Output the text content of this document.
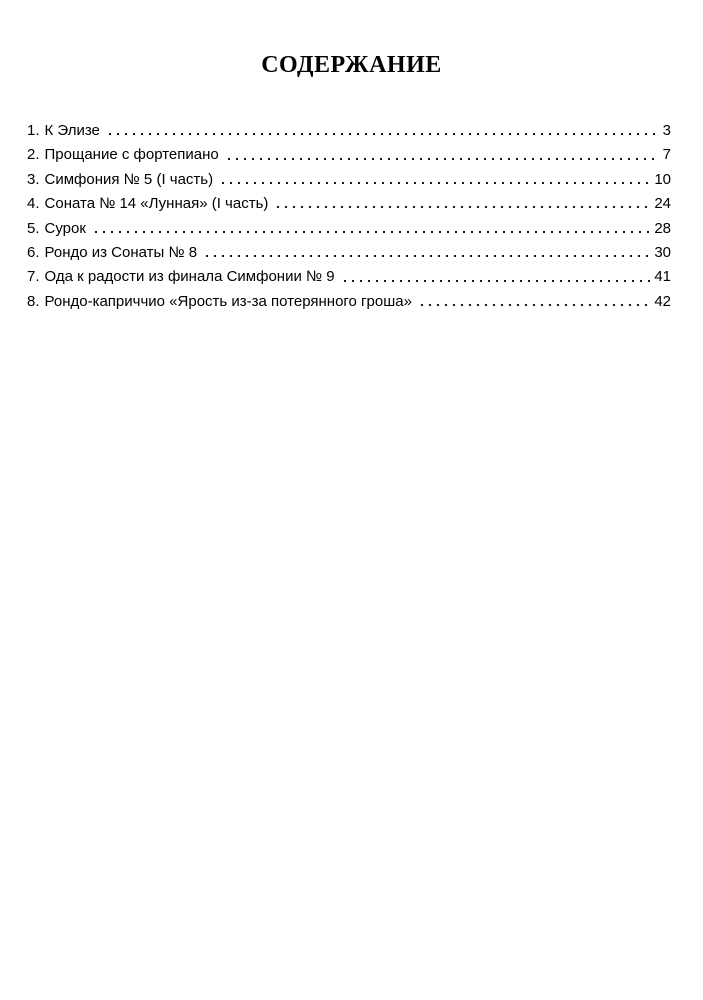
СОДЕРЖАНИЕ
1. К Элизе	3
2. Прощание с фортепиано	7
3. Симфония № 5 (I часть)	10
4. Соната № 14 «Лунная» (I часть)	24
5. Сурок	28
6. Рондо из Сонаты № 8	30
7. Ода к радости из финала Симфонии № 9	41
8. Рондо-каприччио «Ярость из-за потерянного гроша»	42
